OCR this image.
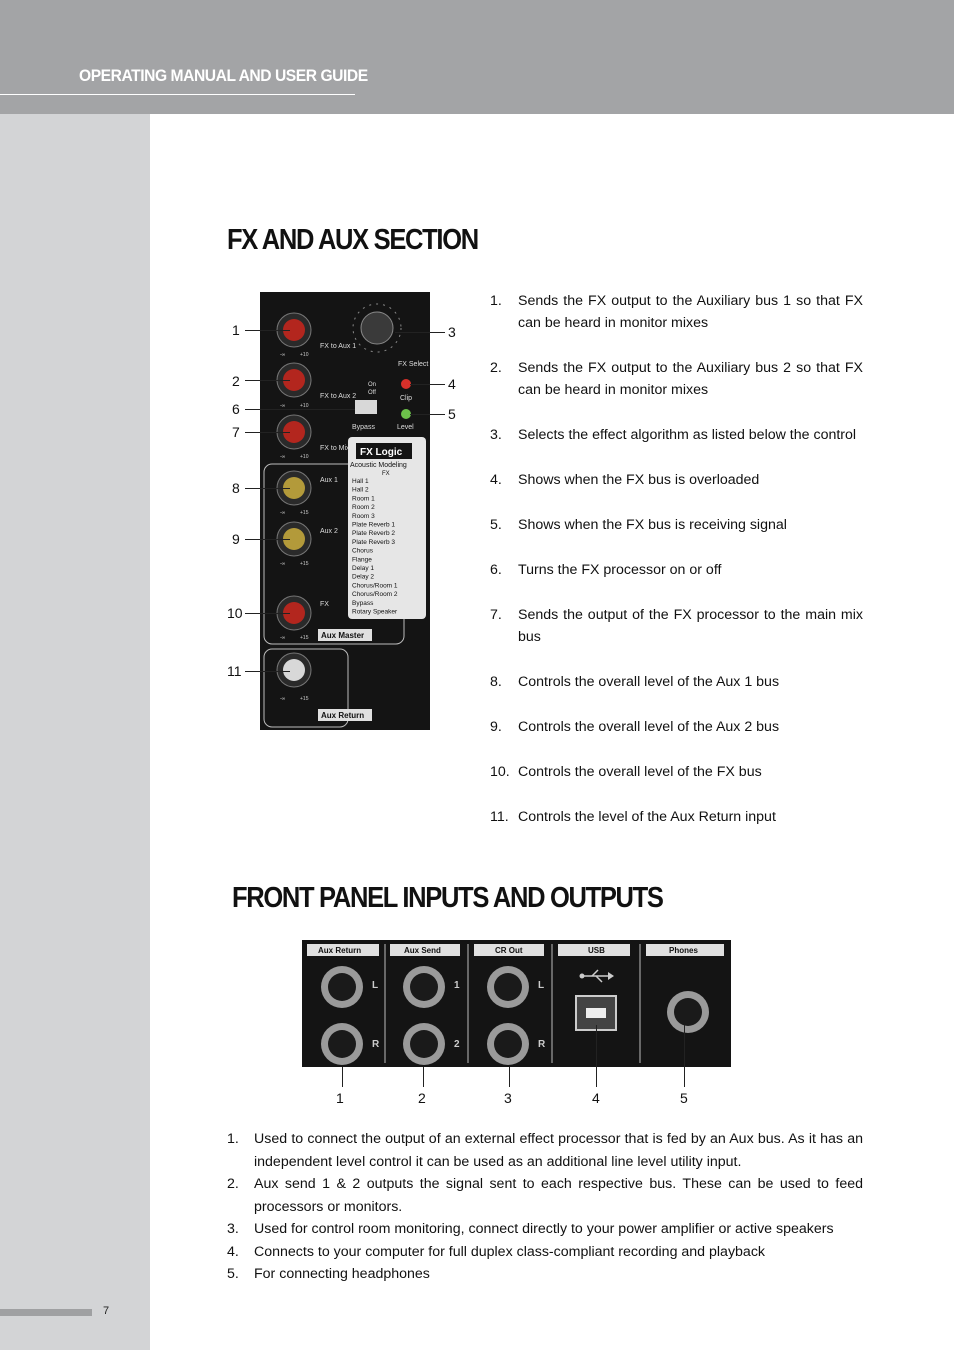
OPERATING MANUAL AND USER GUIDE
7
FX AND AUX SECTION
FX to Aux 1
FX to Aux 2
FX to Mix
Aux 1
Aux 2
FX
FX Select
On
Off
Bypass
Clip
Level
FX Logic
Acoustic Modeling
FX
Hall 1
Hall 2
Room 1
Room 2
Room 3
Plate Reverb 1
Plate Reverb 2
Plate Reverb 3
Chorus
Flange
Delay 1
Delay 2
Chorus/Room 1
Chorus/Room 2
Bypass
Rotary Speaker
Aux Master
Aux Return
-∞	+10
-∞	+10
-∞	+10
-∞	+15
-∞	+15
-∞	+15
-∞	+15
1
2
6
7
8
9
10
11
3
4
5
1. Sends the FX output to the Auxiliary bus 1 so that FX can be heard in monitor mixes
2. Sends the FX output to the Auxiliary bus 2 so that FX can be heard in monitor mixes
3. Selects the effect algorithm as listed below the control
4. Shows when the FX bus is overloaded
5. Shows when the FX bus is receiving signal
6. Turns the FX processor on or off
7. Sends the output of the FX processor to the main mix bus
8. Controls the overall level of the Aux 1 bus
9. Controls the overall level of the Aux 2 bus
10. Controls the overall level of the FX bus
11. Controls the level of the Aux Return input
FRONT PANEL INPUTS AND OUTPUTS
Aux Return	Aux Send	CR Out	USB	Phones
L
R
1
2
L
R
1	2	3	4	5
1. Used to connect the output of an external effect processor that is fed by an Aux bus. As it has an independent level control it can be used as an additional line level utility input.
2. Aux send 1 & 2 outputs the signal sent to each respective bus. These can be used to feed processors or monitors.
3. Used for control room monitoring, connect directly to your power amplifier or active speakers
4. Connects to your computer for full duplex class-compliant recording and playback
5. For connecting headphones
